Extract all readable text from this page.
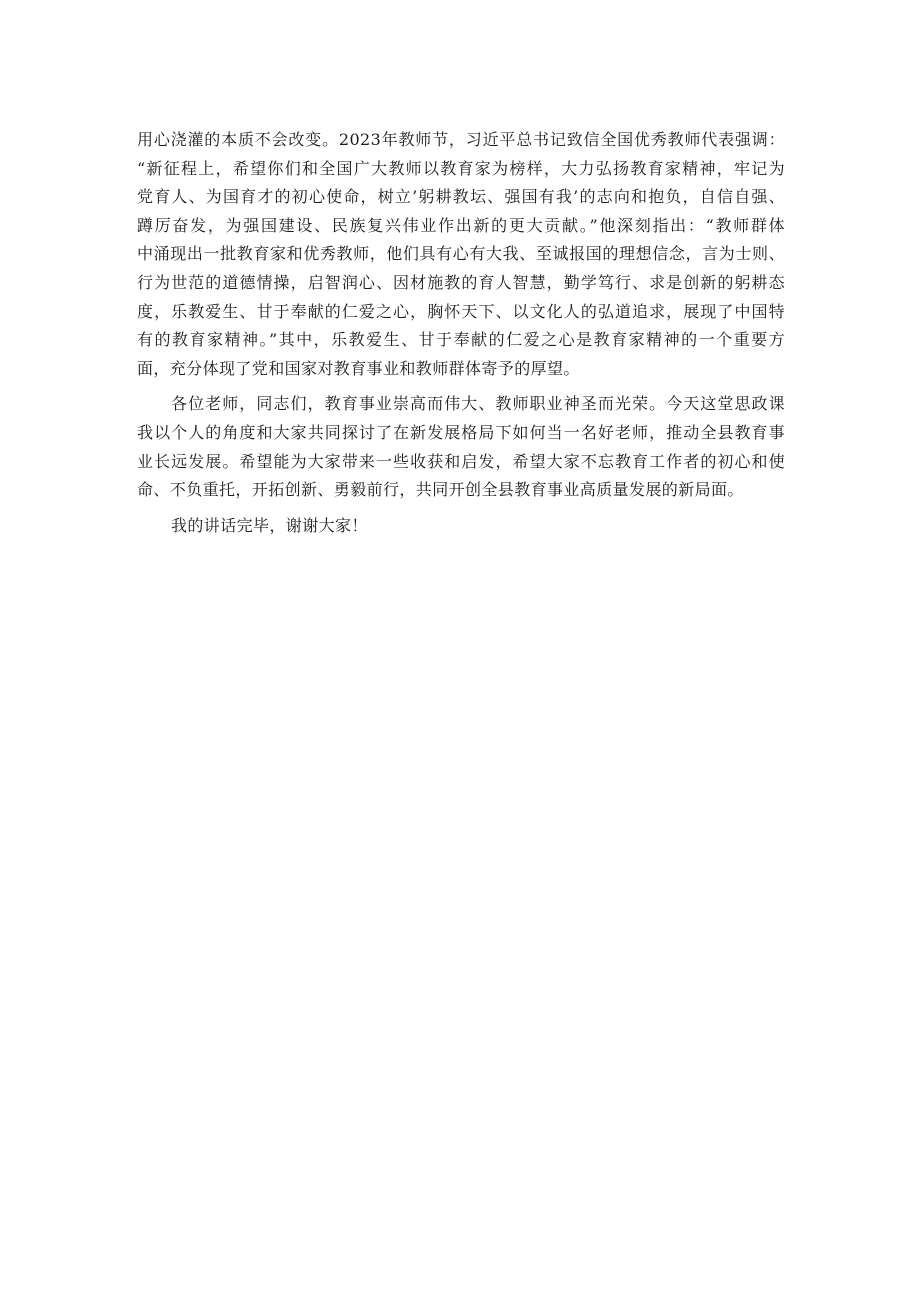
用心浇灌的本质不会改变。2023年教师节，习近平总书记致信全国优秀教师代表强调：
“新征程上，希望你们和全国广大教师以教育家为榜样，大力弘扬教育家精神，牢记为
党育人、为国育才的初心使命，树立’躬耕教坛、强国有我’的志向和抱负，自信自强、
蹲厉奋发，为强国建设、民族复兴伟业作出新的更大贡献。”他深刻指出：“教师群体
中涌现出一批教育家和优秀教师，他们具有心有大我、至诚报国的理想信念，言为士则、
行为世范的道德情操，启智润心、因材施教的育人智慧，勤学笃行、求是创新的躬耕态
度，乐教爱生、甘于奉献的仁爱之心，胸怀天下、以文化人的弘道追求，展现了中国特
有的教育家精神。”其中，乐教爱生、甘于奉献的仁爱之心是教育家精神的一个重要方
面，充分体现了党和国家对教育事业和教师群体寄予的厚望。

各位老师，同志们，教育事业崇高而伟大、教师职业神圣而光荣。今天这堂思政课
我以个人的角度和大家共同探讨了在新发展格局下如何当一名好老师，推动全县教育事
业长远发展。希望能为大家带来一些收获和启发，希望大家不忘教育工作者的初心和使
命、不负重托，开拓创新、勇毅前行，共同开创全县教育事业高质量发展的新局面。

我的讲话完毕，谢谢大家！
